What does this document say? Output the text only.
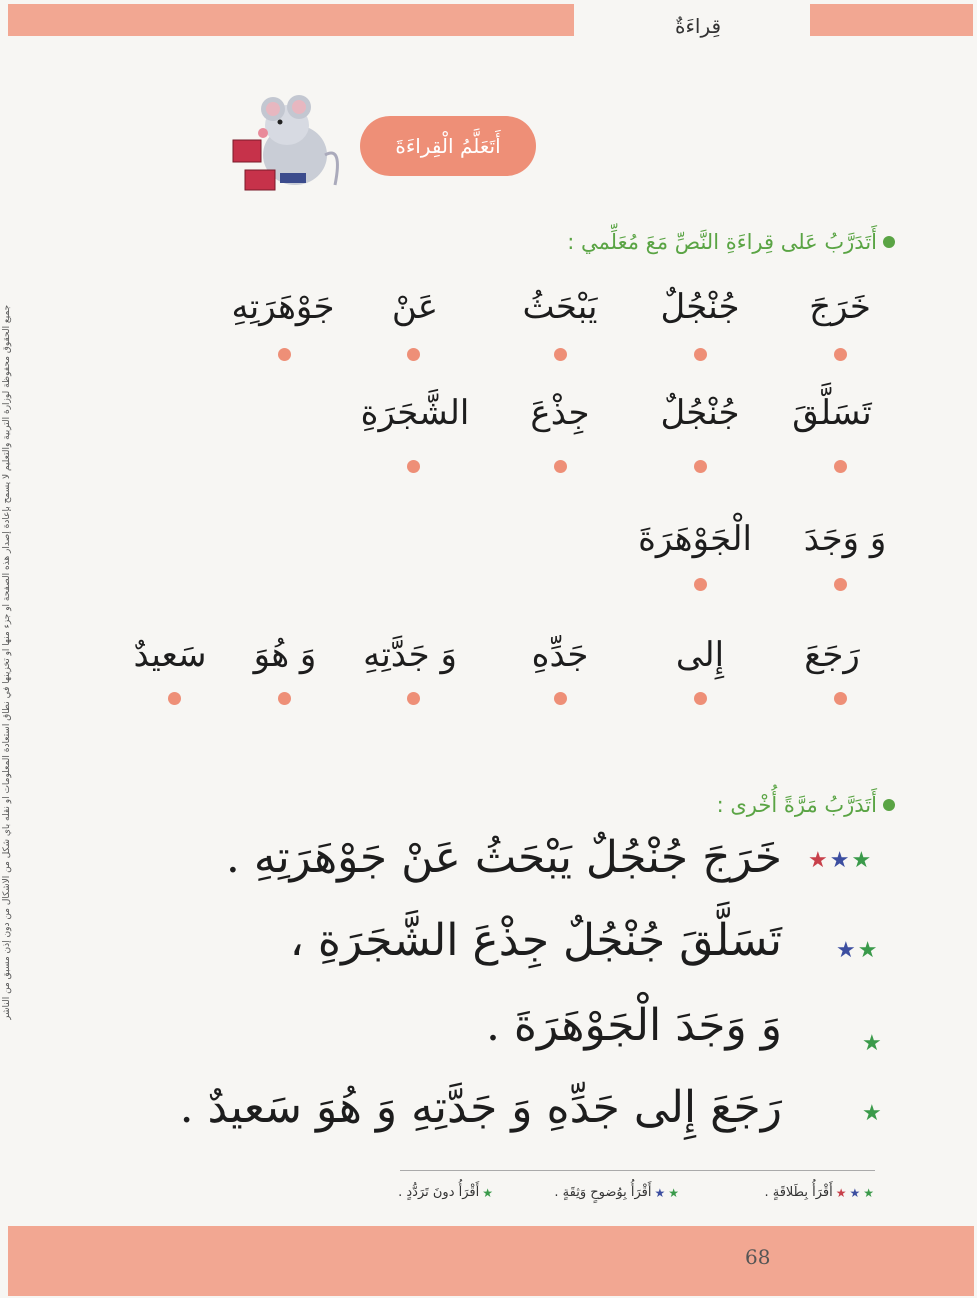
قِراءَةٌ
أَتَعَلَّمُ الْقِراءَةَ
أَتَدَرَّبُ عَلى قِراءَةِ النَّصِّ مَعَ مُعَلِّمي :
خَرَجَ
جُنْجُلٌ
يَبْحَثُ
عَنْ
جَوْهَرَتِهِ
تَسَلَّقَ
جُنْجُلٌ
جِذْعَ
الشَّجَرَةِ
وَ وَجَدَ
الْجَوْهَرَةَ
رَجَعَ
إِلى
جَدِّهِ
وَ جَدَّتِهِ
وَ هُوَ
سَعيدٌ
أَتَدَرَّبُ مَرَّةً أُخْرى :
★ ★ ★
خَرَجَ جُنْجُلٌ يَبْحَثُ عَنْ جَوْهَرَتِهِ .
★ ★
تَسَلَّقَ جُنْجُلٌ جِذْعَ الشَّجَرَةِ ،
★
وَ وَجَدَ الْجَوْهَرَةَ .
★
رَجَعَ إِلى جَدِّهِ وَ جَدَّتِهِ وَ هُوَ سَعيدٌ .
★
★
★
أَقْرَأُ بِطَلاقَةٍ .
★
★
أَقْرَأُ بِوُضوحٍ وَثِقَةٍ .
★
أَقْرَأُ دونَ تَرَدُّدٍ .
68
جميع الحقوق محفوظة لوزارة التربية والتعليم لا يسمح بإعادة إصدار هذه الصفحة أو جزء منها أو تخزينها في نطاق استعادة المعلومات أو نقله بأي شكل من الأشكال من دون إذن مسبق من الناشر
